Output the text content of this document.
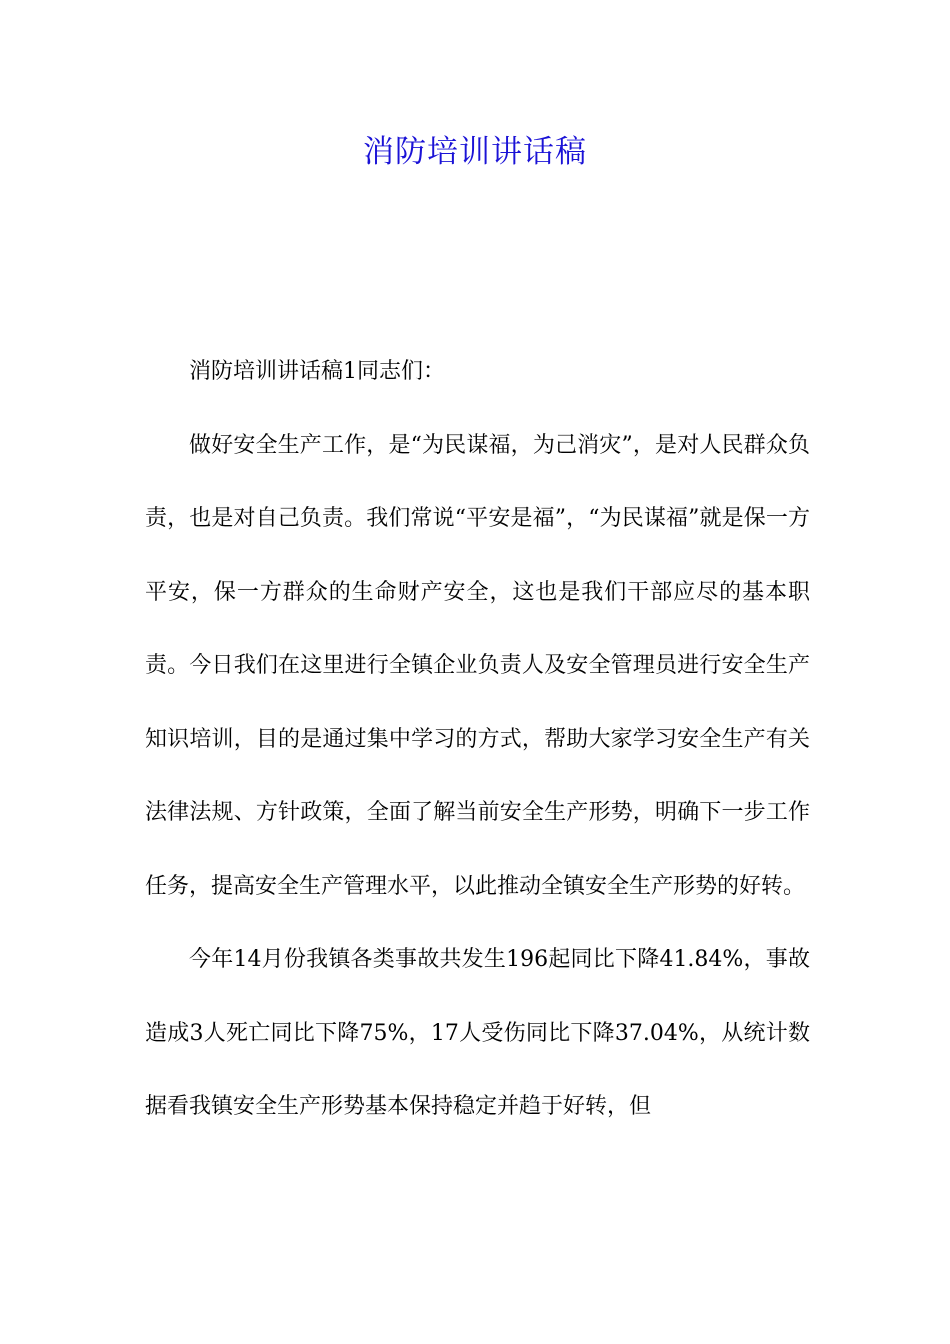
消防培训讲话稿

消防培训讲话稿1同志们：

做好安全生产工作，是“为民谋福，为己消灾”，是对人民群众负责，也是对自己负责。我们常说“平安是福”，“为民谋福”就是保一方平安，保一方群众的生命财产安全，这也是我们干部应尽的基本职责。今日我们在这里进行全镇企业负责人及安全管理员进行安全生产知识培训，目的是通过集中学习的方式，帮助大家学习安全生产有关法律法规、方针政策，全面了解当前安全生产形势，明确下一步工作任务，提高安全生产管理水平，以此推动全镇安全生产形势的好转。

今年14月份我镇各类事故共发生196起同比下降41.84%，事故造成3人死亡同比下降75%，17人受伤同比下降37.04%，从统计数据看我镇安全生产形势基本保持稳定并趋于好转，但
